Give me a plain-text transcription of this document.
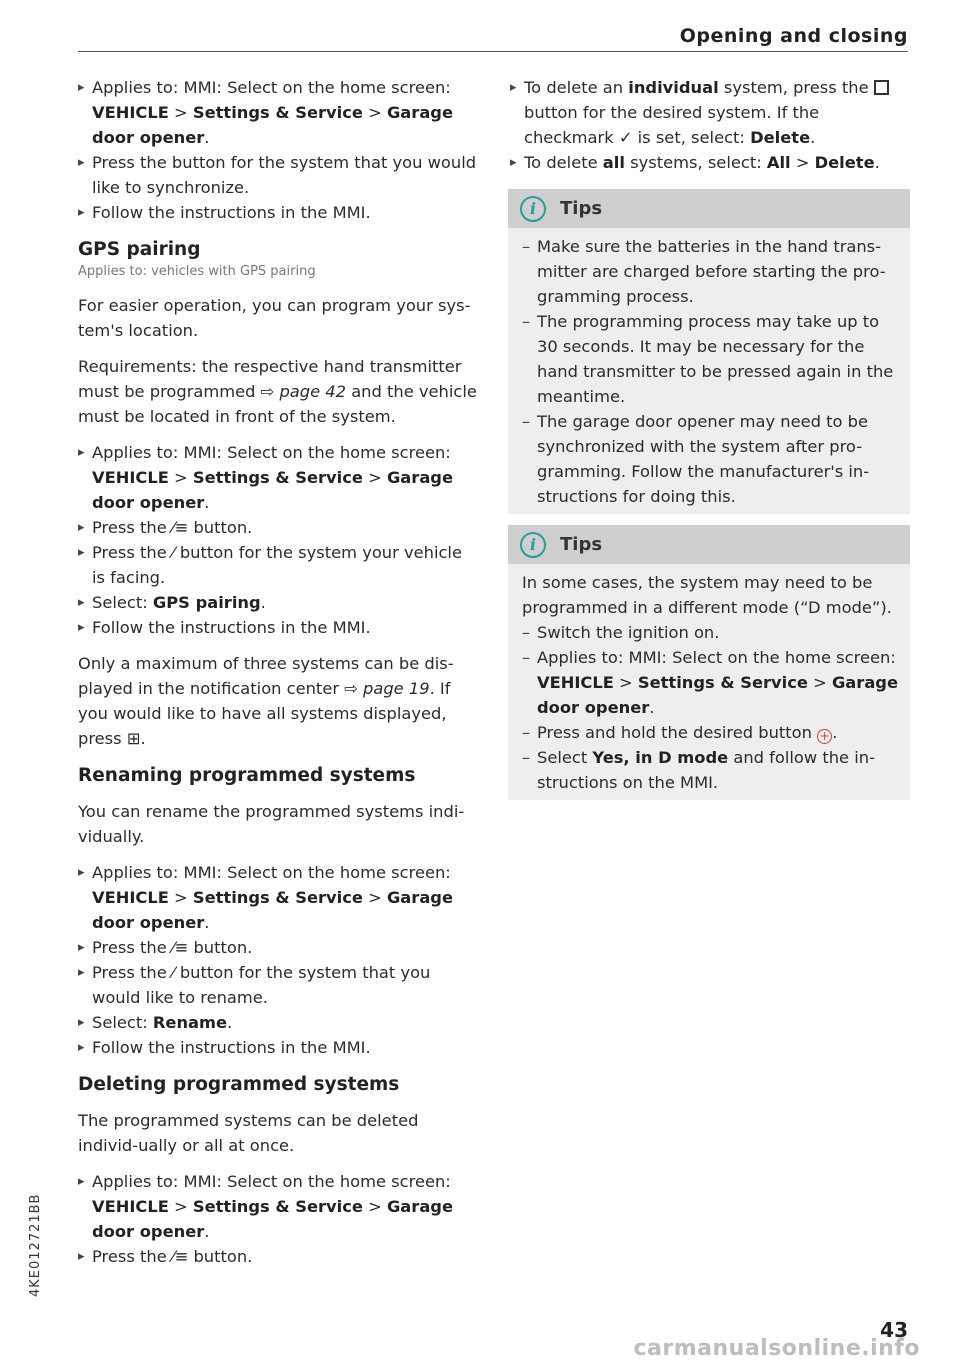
Opening and closing
▸ Applies to: MMI: Select on the home screen: VEHICLE > Settings & Service > Garage door opener.
▸ Press the button for the system that you would like to synchronize.
▸ Follow the instructions in the MMI.
GPS pairing
Applies to: vehicles with GPS pairing

For easier operation, you can program your sys-tem's location.

Requirements: the respective hand transmitter must be programmed ⇨ page 42 and the vehicle must be located in front of the system.

▸ Applies to: MMI: Select on the home screen: VEHICLE > Settings & Service > Garage door opener.
▸ Press the ⁄≡ button.
▸ Press the ⁄ button for the system your vehicle is facing.
▸ Select: GPS pairing.
▸ Follow the instructions in the MMI.

Only a maximum of three systems can be dis-played in the notification center ⇨ page 19. If you would like to have all systems displayed, press ⊞.

Renaming programmed systems

You can rename the programmed systems indi-vidually.

▸ Applies to: MMI: Select on the home screen: VEHICLE > Settings & Service > Garage door opener.
▸ Press the ⁄≡ button.
▸ Press the ⁄ button for the system that you would like to rename.
▸ Select: Rename.
▸ Follow the instructions in the MMI.
Deleting programmed systems

The programmed systems can be deleted individ-ually or all at once.

▸ Applies to: MMI: Select on the home screen: VEHICLE > Settings & Service > Garage door opener.
▸ Press the ⁄≡ button.
▸ To delete an individual system, press the  button for the desired system. If the checkmark ✓ is set, select: Delete.
▸ To delete all systems, select: All > Delete.
i	Tips
– Make sure the batteries in the hand trans-mitter are charged before starting the pro-gramming process.
– The programming process may take up to 30 seconds. It may be necessary for the hand transmitter to be pressed again in the meantime.
– The garage door opener may need to be synchronized with the system after pro-gramming. Follow the manufacturer's in-structions for doing this.
i	Tips

In some cases, the system may need to be programmed in a different mode (“D mode”).

– Switch the ignition on.
– Applies to: MMI: Select on the home screen: VEHICLE > Settings & Service > Garage door opener.
– Press and hold the desired button + .
– Select Yes, in D mode and follow the in-structions on the MMI.
4KE012721BB
43
carmanualsonline.info
